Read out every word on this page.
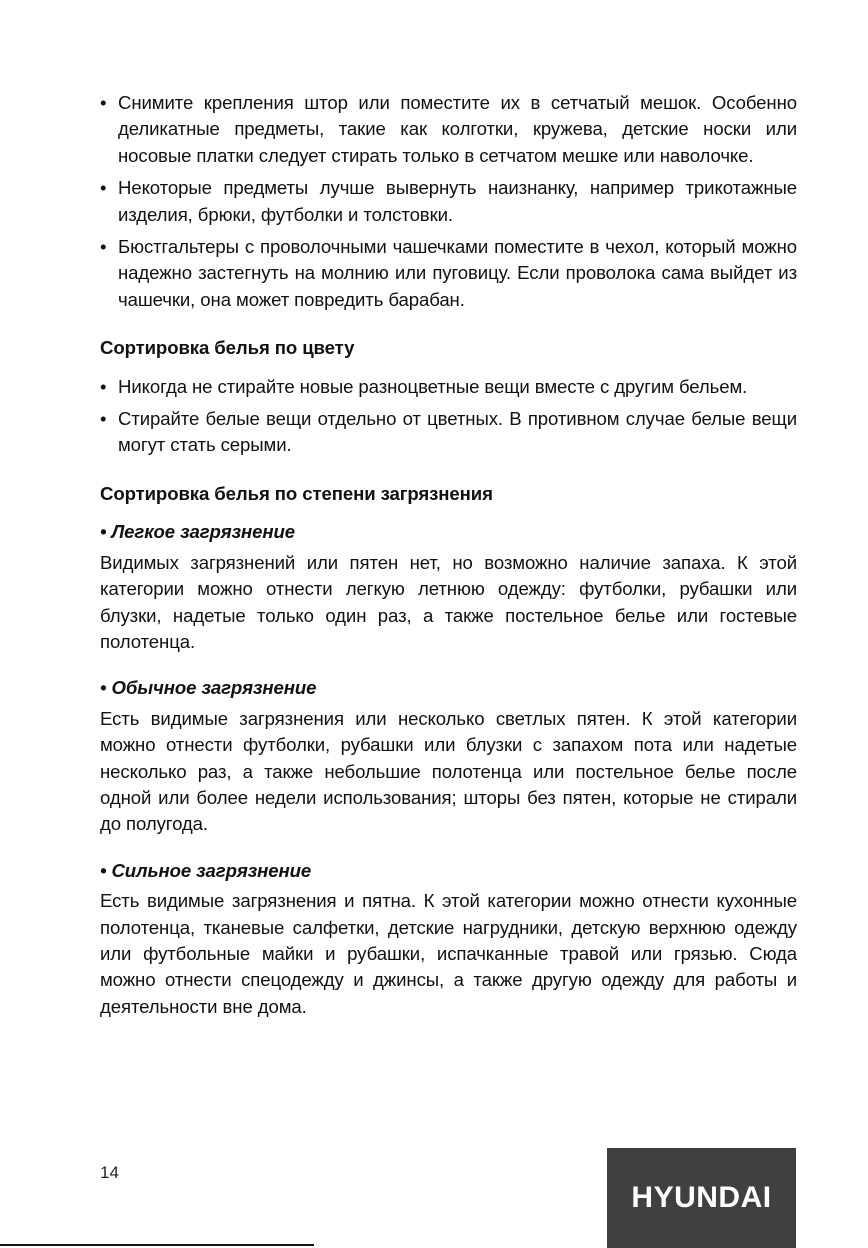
• Снимите крепления штор или поместите их в сетчатый мешок. Особенно деликатные предметы, такие как колготки, кружева, детские носки или носовые платки следует стирать только в сетчатом мешке или наволочке.
• Некоторые предметы лучше вывернуть наизнанку, например трикотажные изделия, брюки, футболки и толстовки.
• Бюстгальтеры с проволочными чашечками поместите в чехол, который можно надежно застегнуть на молнию или пуговицу. Если проволока сама выйдет из чашечки, она может повредить барабан.
Сортировка белья по цвету
• Никогда не стирайте новые разноцветные вещи вместе с другим бельем.
• Стирайте белые вещи отдельно от цветных. В противном случае белые вещи могут стать серыми.
Сортировка белья по степени загрязнения
• Легкое загрязнение

Видимых загрязнений или пятен нет, но возможно наличие запаха. К этой категории можно отнести легкую летнюю одежду: футболки, рубашки или блузки, надетые только один раз, а также постельное белье или гостевые полотенца.

• Обычное загрязнение

Есть видимые загрязнения или несколько светлых пятен. К этой категории можно отнести футболки, рубашки или блузки с запахом пота или надетые несколько раз, а также небольшие полотенца или постельное белье после одной или более недели использования; шторы без пятен, которые не стирали до полугода.

• Сильное загрязнение

Есть видимые загрязнения и пятна. К этой категории можно отнести кухонные полотенца, тканевые салфетки, детские нагрудники, детскую верхнюю одежду или футбольные майки и рубашки, испачканные травой или грязью. Сюда можно отнести спецодежду и джинсы, а также другую одежду для работы и деятельности вне дома.

14
HYUNDAI
